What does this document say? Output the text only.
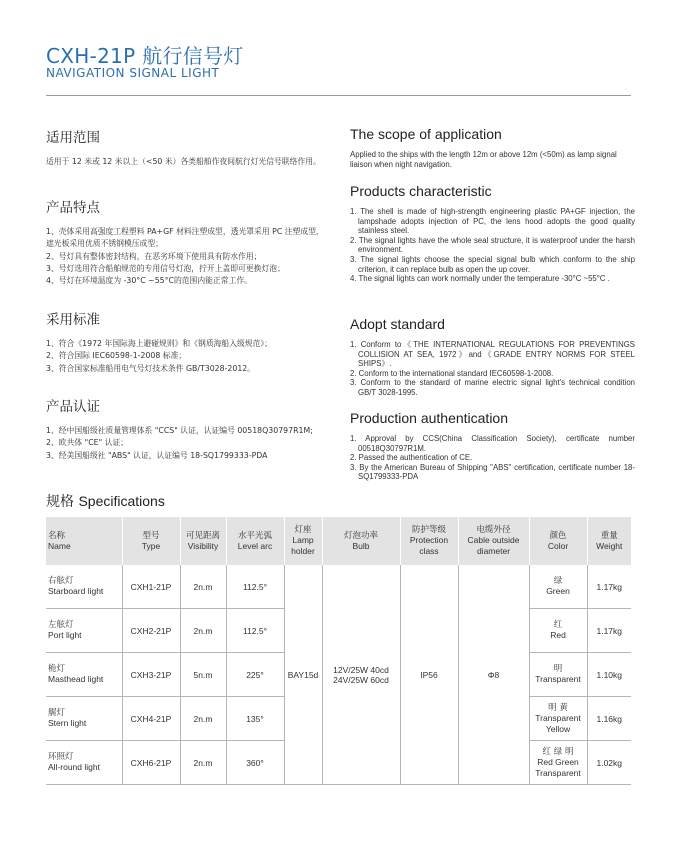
CXH-21P 航行信号灯
NAVIGATION SIGNAL LIGHT
适用范围

适用于 12 米或 12 米以上（<50 米）各类船舶作夜间航行灯光信号联络作用。

产品特点
1、壳体采用高强度工程塑料 PA+GF 材料注塑成型，透光罩采用 PC 注塑成型，遮光板采用优质不锈钢模压成型；
2、号灯具有整体密封结构，在恶劣环境下使用具有防水作用；
3、号灯选用符合船舶规范的专用信号灯泡，拧开上盖即可更换灯泡；
4、号灯在环境温度为 -30°C ~55°C的范围内能正常工作。
采用标准
1、符合《1972 年国际海上避碰规则》和《钢质海船入级规范》；
2、符合国际 IEC60598-1-2008 标准；
3、符合国家标准船用电气号灯技术条件 GB/T3028-2012。
产品认证
1、经中国船级社质量管理体系 "CCS" 认证，认证编号 00518Q30797R1M;
2、欧共体 "CE" 认证；
3、经美国船级社 "ABS" 认证，认证编号 18-SQ1799333-PDA
The scope of application

Applied to the ships with the length 12m or above 12m (<50m) as lamp signal liaison when night navigation.

Products characteristic
1. The shell is made of high-strength engineering plastic PA+GF injection, the lampshade adopts injection of PC, the lens hood adopts the good quality stainless steel.
2. The signal lights have the whole seal structure, it is waterproof under the harsh environment.
3. The signal lights choose the special signal bulb which conform to the ship criterion, it can replace bulb as open the up cover.
4. The signal lights can work normally under the temperature -30°C ~55°C .
Adopt standard
1. Conform to《THE INTERNATIONAL REGULATIONS FOR PREVENTINGS COLLISION AT SEA, 1972》and《GRADE ENTRY NORMS FOR STEEL SHIPS》.
2. Conform to the international standard IEC60598-1-2008.
3. Conform to the standard of marine electric signal light's technical condition GB/T 3028-1995.
Production authentication
1. Approval by CCS(China Classification Society), certificate number 00518Q30797R1M.
2. Passed the authentication of CE.
3. By the American Bureau of Shipping "ABS" certification, certificate number 18-SQ1799333-PDA
规格 Specifications
名称
Name	型号
Type	可见距离
Visibility	水平光弧
Level arc	灯座
Lamp holder	灯泡功率
Bulb	防护等级
Protection class	电缆外径
Cable outside diameter	颜色
Color	重量
Weight
右舷灯
Starboard light	CXH1-21P	2n.m	112.5°	BAY15d	12V/25W 40cd
24V/25W 60cd	IP56	Φ8	绿
Green	1.17kg
左舷灯
Port light	CXH2-21P	2n.m	112.5°					红
Red	1.17kg
桅灯
Masthead light	CXH3-21P	5n.m	225°					明
Transparent	1.10kg
艉灯
Stern light	CXH4-21P	2n.m	135°					明 黄
Transparent Yellow	1.16kg
环照灯
All-round light	CXH6-21P	2n.m	360°					红 绿 明
Red Green Transparent	1.02kg
